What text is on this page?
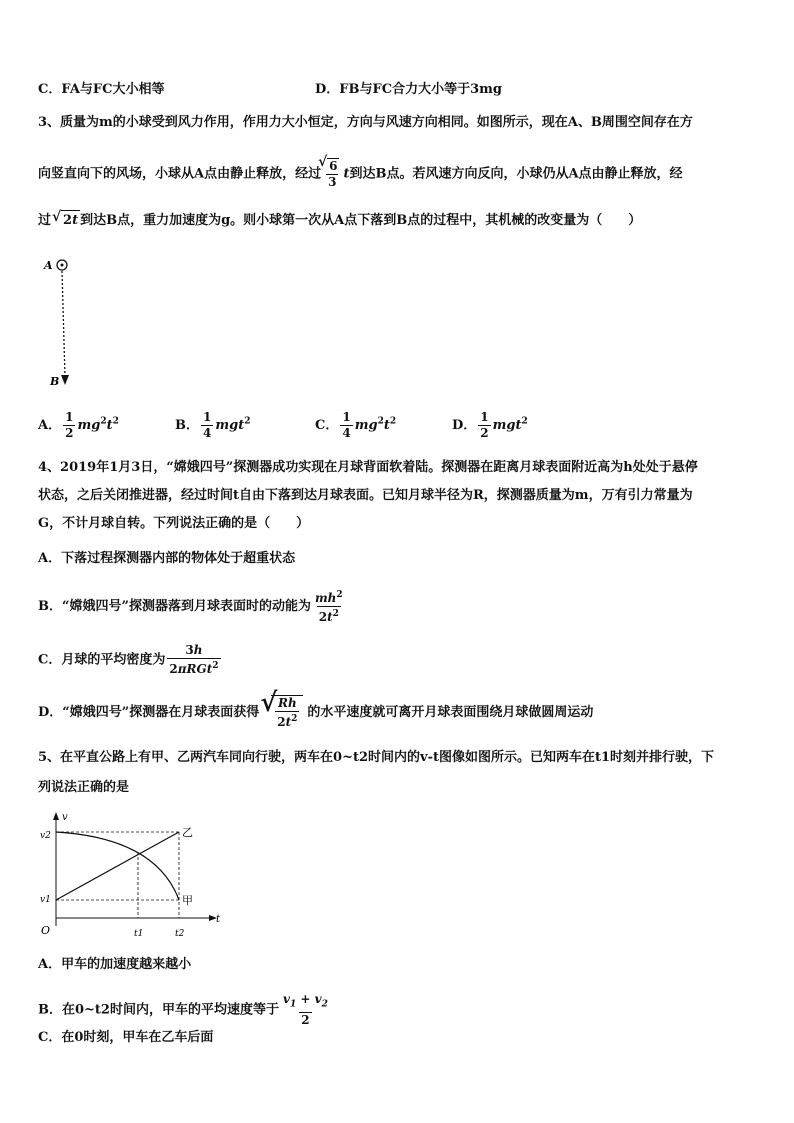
C．FA与FC大小相等	D．FB与FC合力大小等于3mg
3、质量为m的小球受到风力作用，作用力大小恒定，方向与风速方向相同。如图所示，现在A、B周围空间存在方
向竖直向下的风场，小球从A点由静止释放，经过 √ $\frac{6}{3}$ t到达B点。若风速方向反向，小球仍从A点由静止释放，经
过 √ 2t 到达B点，重力加速度为g。则小球第一次从A点下落到B点的过程中，其机械的改变量为（　　）
A
B
A． $\frac{1}{2} mg^2t^2$	B． $\frac{1}{4} mgt^2$	C． $\frac{1}{4} mg^2t^2$	D． $\frac{1}{2} mgt^2$
4、2019年1月3日，“嫦娥四号”探测器成功实现在月球背面软着陆。探测器在距离月球表面附近高为h处处于悬停
状态，之后关闭推进器，经过时间t自由下落到达月球表面。已知月球半径为R，探测器质量为m，万有引力常量为
G，不计月球自转。下列说法正确的是（　　）
A．下落过程探测器内部的物体处于超重状态
B．“嫦娥四号”探测器落到月球表面时的动能为 $\frac{mh^2}{2t^2}$
C．月球的平均密度为 $\frac{3h}{2\pi RGt^2}$
D．“嫦娥四号”探测器在月球表面获得 √
$\frac{Rh}{2t^2}$ 的水平速度就可离开月球表面围绕月球做圆周运动
5、在平直公路上有甲、乙两汽车同向行驶，两车在0~t2时间内的v-t图像如图所示。已知两车在t1时刻并排行驶，下
列说法正确的是
v
t
O
v2
v1
t1	t2
乙
甲
A．甲车的加速度越来越小
B．在0~t2时间内，甲车的平均速度等于 $\frac{v_1 + v_2}{2}$
C．在0时刻，甲车在乙车后面
